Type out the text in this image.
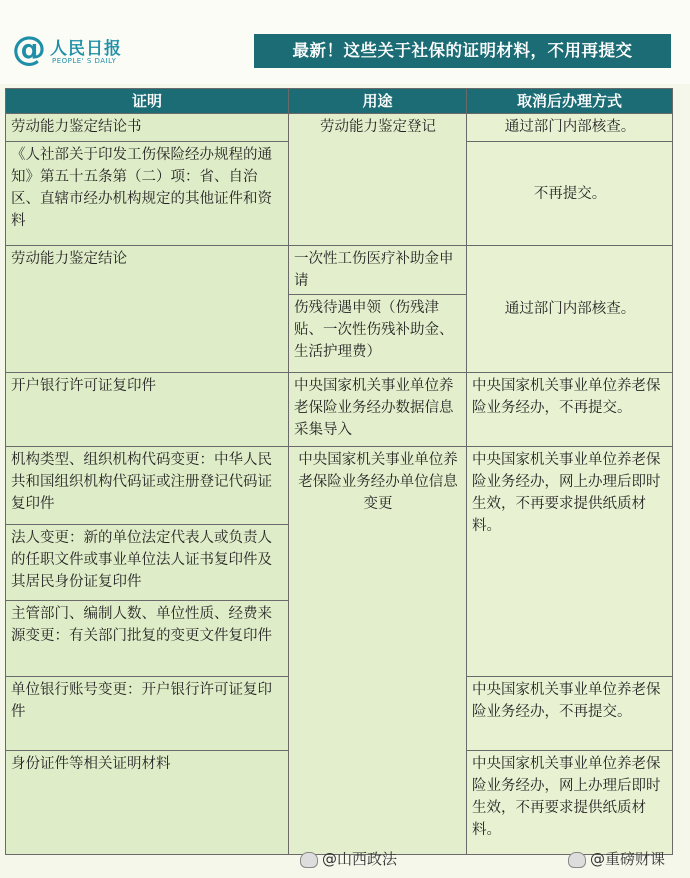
@ 人民日报
PEOPLE' S DAILY
最新！这些关于社保的证明材料，不用再提交
证明	用途	取消后办理方式
劳动能力鉴定结论书	劳动能力鉴定登记	通过部门内部核查。
《人社部关于印发工伤保险经办规程的通知》第五十五条第（二）项：省、自治区、直辖市经办机构规定的其他证件和资料		不再提交。
劳动能力鉴定结论	一次性工伤医疗补助金申请	通过部门内部核查。
	伤残待遇申领（伤残津贴、一次性伤残补助金、生活护理费）	
开户银行许可证复印件	中央国家机关事业单位养老保险业务经办数据信息采集导入	中央国家机关事业单位养老保险业务经办，不再提交。
机构类型、组织机构代码变更：中华人民共和国组织机构代码证或注册登记代码证复印件	中央国家机关事业单位养老保险业务经办单位信息变更	中央国家机关事业单位养老保险业务经办，网上办理后即时生效，不再要求提供纸质材料。
法人变更：新的单位法定代表人或负责人的任职文件或事业单位法人证书复印件及其居民身份证复印件		
主管部门、编制人数、单位性质、经费来源变更：有关部门批复的变更文件复印件		
单位银行账号变更：开户银行许可证复印件		中央国家机关事业单位养老保险业务经办，不再提交。
身份证件等相关证明材料		中央国家机关事业单位养老保险业务经办，网上办理后即时生效，不再要求提供纸质材料。
@山西政法	@重磅财课
